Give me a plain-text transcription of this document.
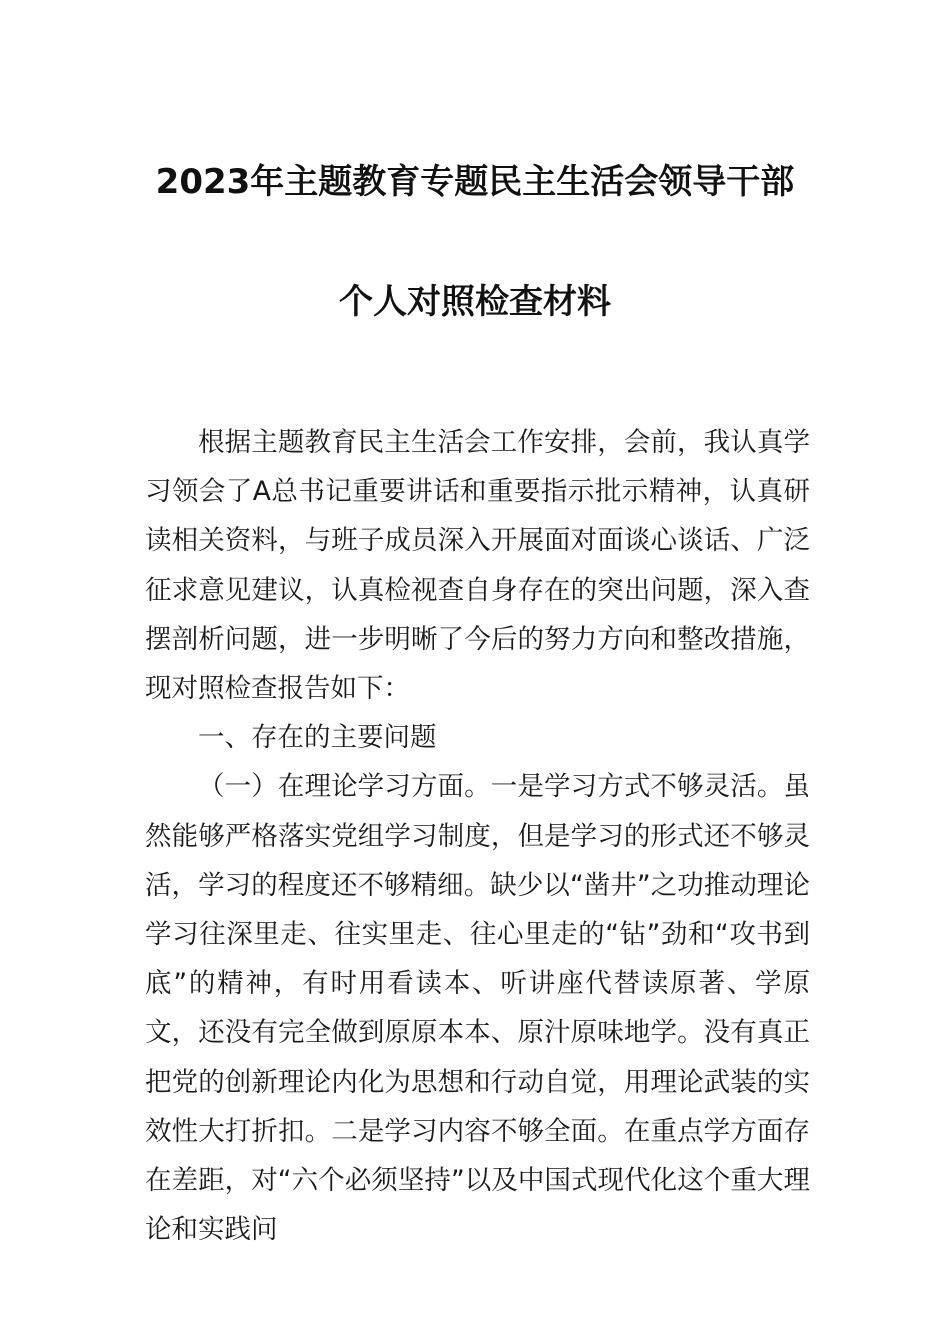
2023年主题教育专题民主生活会领导干部
个人对照检查材料

根据主题教育民主生活会工作安排，会前，我认真学习领会了A总书记重要讲话和重要指示批示精神，认真研读相关资料，与班子成员深入开展面对面谈心谈话、广泛征求意见建议，认真检视查自身存在的突出问题，深入查摆剖析问题，进一步明晰了今后的努力方向和整改措施，现对照检查报告如下：

一、存在的主要问题

（一）在理论学习方面。一是学习方式不够灵活。虽然能够严格落实党组学习制度，但是学习的形式还不够灵活，学习的程度还不够精细。缺少以“凿井”之功推动理论学习往深里走、往实里走、往心里走的“钻”劲和“攻书到底”的精神，有时用看读本、听讲座代替读原著、学原文，还没有完全做到原原本本、原汁原味地学。没有真正把党的创新理论内化为思想和行动自觉，用理论武装的实效性大打折扣。二是学习内容不够全面。在重点学方面存在差距，对“六个必须坚持”以及中国式现代化这个重大理论和实践问
